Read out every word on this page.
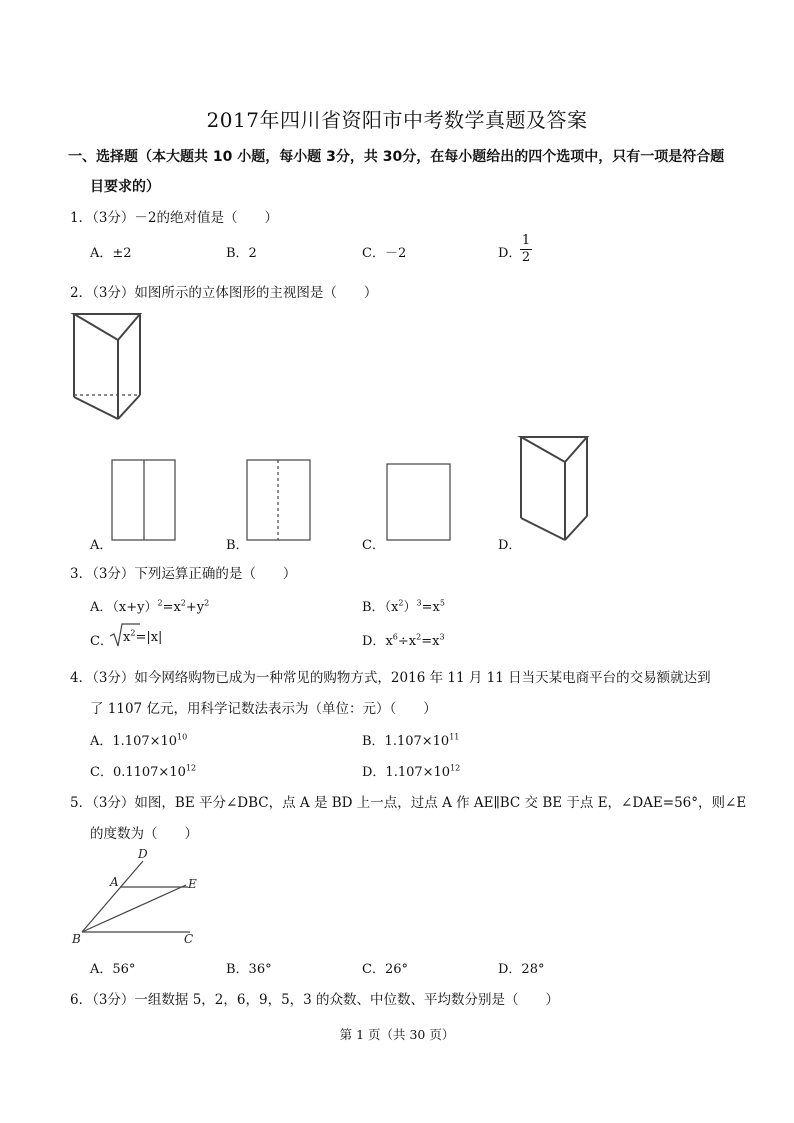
2017年四川省资阳市中考数学真题及答案
一、选择题（本大题共 10 小题，每小题 3分，共 30分，在每小题给出的四个选项中，只有一项是符合题
目要求的）
1．（3分）－2的绝对值是（　　）
A．±2	B．2	C．－2	D．
1
2
2．（3分）如图所示的立体图形的主视图是（　　）
A．	B．	C．	D．
3．（3分）下列运算正确的是（　　）
A．$(x+y)^2=x^2+y^2$	B．$(x^2)^3=x^5$
C． $x^2=|x|$	D．$x^6\div x^2=x^3$
4．（3分）如今网络购物已成为一种常见的购物方式，2016 年 11 月 11 日当天某电商平台的交易额就达到
了 1107 亿元，用科学记数法表示为（单位：元）（　　）
A．$1.107\times 10^{10}$	B．$1.107\times 10^{11}$
C．$0.1107\times 10^{12}$	D．$1.107\times 10^{12}$
5．（3分）如图，BE 平分∠DBC，点 A 是 BD 上一点，过点 A 作 AE∥BC 交 BE 于点 E，∠DAE=56°，则∠E
的度数为（　　）
D
A	E
B	C
A．56°	B．36°	C．26°	D．28°
6．（3分）一组数据 5，2，6，9，5，3 的众数、中位数、平均数分别是（　　）
第 1 页（共 30 页）
